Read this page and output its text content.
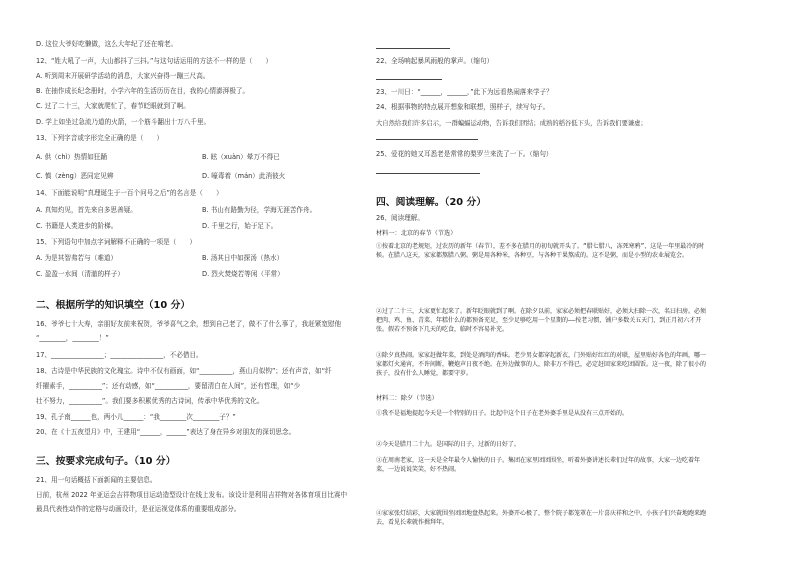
D. 这位大爷好吃懒做，这么大年纪了还在啃老。
12、“姓大吼了一声，大山都抖了三抖。”与这句话运用的方法不一样的是（　　）
A. 听到周末开展研学活动的消息，大家兴奋得一蹦三尺高。
B. 在抽作成长纪念册时，小学六年的生活历历在目，我的心情澎湃极了。
C. 过了二十三，大家就爬忙了，春节眨眼就到了啊。
D. 学上如坐过急流乃道的火箭，一个筋斗翻出十万八千里。
13、下列字音或字形完全正确的是（　　）
A. 供（chì）热情如狂踊	B. 眩（xuàn）晕万不得已
C. 慎（zèng）恶同定见辨	D. 嚎毒着（mán）此消彼火
14、下面能说明“真理诞生于一百个问号之后”的名言是（　　）
A. 真知灼见，首先来自多思善疑。	B. 书山有路勤为径，学海无涯苦作舟。
C. 书籍是人类进步的阶梯。	D. 千里之行，始于足下。
15、下列语句中加点字词解释不正确的一项是（　　）
A. 为是其智弗若与（难道）	B. 汤其日中如探汤（热水）
C. 盈盈一水间（清澈的样子）	D. 烈火焚烧若等闲（平常）
二、根据所学的知识填空（10 分）
16、爷爷七十大寿，亲朋好友前来祝贺，爷爷喜气之余，想到自己老了，做不了什么事了，我赶紧宽慰他
“________，________！”
17、________________；________________，不必借目。
18、古诗是中华民族的文化瑰宝。诗中不仅有画面，如“__________，燕山月似钩”；还有声音，如“纤
纤擢素手，__________”；还有动感，如“__________，要留清白在人间”，还有哲理，如“少
壮不努力，__________”。我们要多积累优秀的古诗词，传承中华优秀的文化。
19、孔子南______也，两小儿______：“我________次________子？”
20、在《十五夜望月》中，王建用“______，______”表达了身在异乡对朋友的深切思念。
三、按要求完成句子。（10 分）
21、用一句话概括下面新闻的主要信息。
日前，杭州 2022 年亚运会吉祥物项目运动造型设计在线上发布。该设计是利用吉祥物对各体育项目比赛中
最具代表性动作的定格与动画设计，是亚运视觉体系的重要组成部分。
22、全场响起暴风雨般的掌声。（缩句）
23、一川日：“______，______，”此下为远看热闹落来学子？
24、根据事物的特点展开想象和联想，照样子，续写句子。
大自然给我们许多启示，一群蝙蝠运动物，告诉我们团结；成熟的稻谷低下头，告诉我们要谦虚；
25、爱花的她又耳悉老是常常的梨罗兰来洗了一下。（缩句）
四、阅读理解。（20 分）
26、阅读理解。
材料一：北京的春节（节选）
①按着北京的老规矩，过农历的新年（春节），差不多在腊月的初旬就开头了。“腊七腊八，冻死寒鸦”，这是一年里最冷的时候。在腊八这天，家家都熬腊八粥。粥是用各种米，各种豆，与各种干果熬成的。这不是粥，而是小型的农业展览会。
②过了二十三，大家更忙起来了。新年眨眼就到了啊。在除夕以前，家家必须把春联贴好，必须大扫除一次，名曰扫房。必须把肉、鸡、鱼、青菜、年糕什么的都预备充足，至少足够吃用一个星期的——按老习惯，铺户多数关五天门，到正月初六才开张。假若不预备下几天的吃食，临时不容易补充。
③除夕真热闹。家家赶做年菜，到处是酒肉的香味。老少男女都穿起新衣，门外贴好红红的对联，屋里贴好各色的年画，哪一家都灯火通宵，不许间断，鞭炮声日夜不绝。在外边做事的人，除非万不得已，必定赶回家来吃团圆饭。这一夜，除了很小的孩子，没有什么人睡觉，都要守岁。
材料二：除夕（节选）
①我不是福地提起今天是一个特别的日子。比起中这个日子在老外婆手里是从没有三点开始的。
②今天是腊月二十九。是国际的日子，过新的日好了。
③在周南老家，这一天是全年最令人愉快的日子。集团在家里团团围坐，听着外婆讲述长辈们过年的故事，大家一边吃着年菜，一边说说笑笑，好不热闹。
④家家张灯结彩，大家就围坐团团地盘热起来。外婆开心极了，整个院子都笼罩在一片喜庆祥和之中，小孩子们兴奋地跑来跑去，看见长辈就作揖拜年。
